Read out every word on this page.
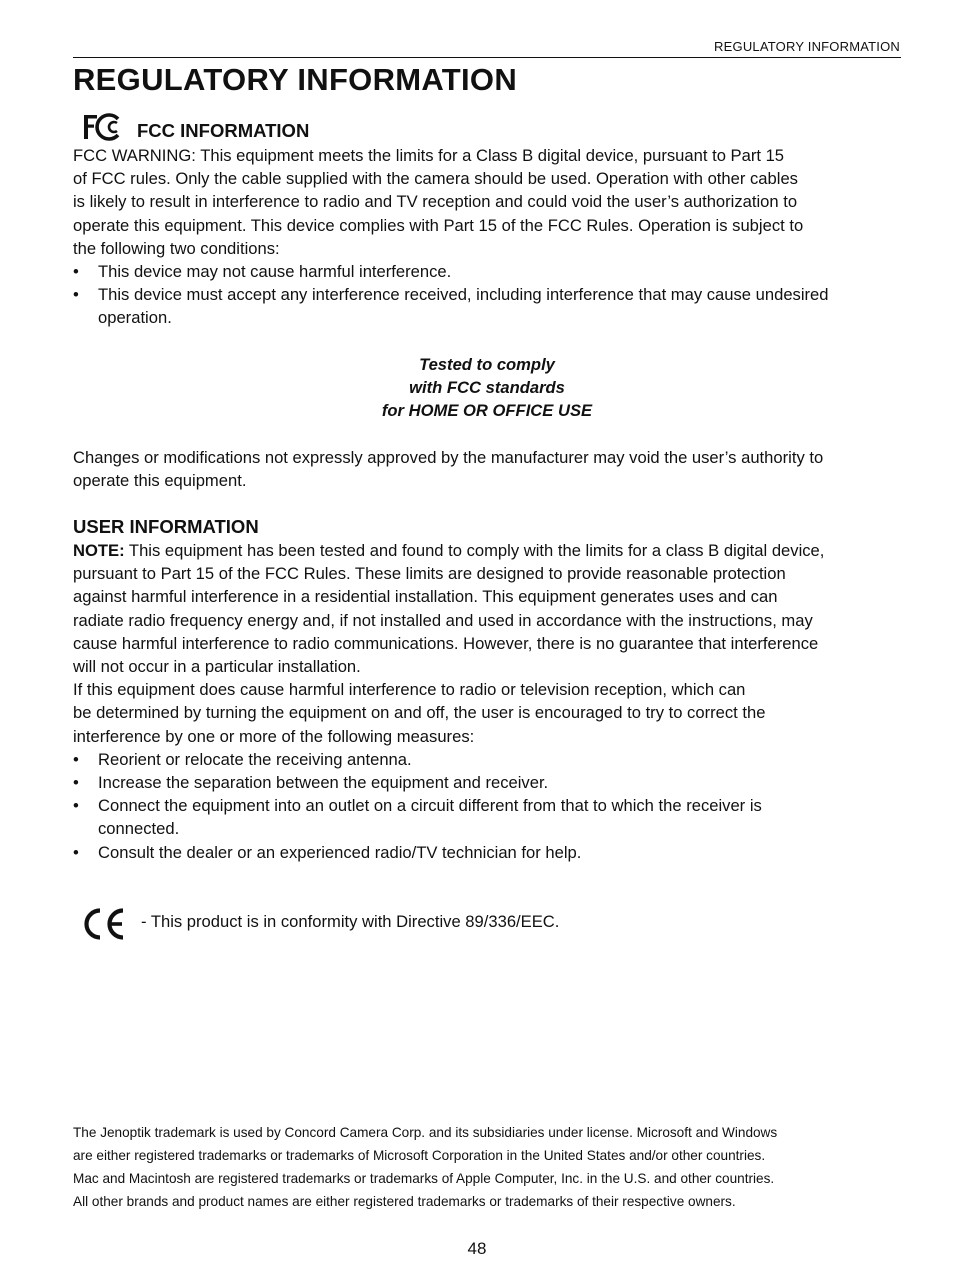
REGULATORY INFORMATION
REGULATORY INFORMATION
FCC INFORMATION

FCC WARNING: This equipment meets the limits for a Class B digital device, pursuant to Part 15

of FCC rules. Only the cable supplied with the camera should be used. Operation with other cables

is likely to result in interference to radio and TV reception and could void the user’s authorization to

operate this equipment. This device complies with Part 15 of the FCC Rules. Operation is subject to

the following two conditions:

• This device may not cause harmful interference.
• This device must accept any interference received, including interference that may cause undesired
operation.
Tested to comply
with FCC standards
for HOME OR OFFICE USE

Changes or modifications not expressly approved by the manufacturer may void the user’s authority to

operate this equipment.

USER INFORMATION

NOTE: This equipment has been tested and found to comply with the limits for a class B digital device,

pursuant to Part 15 of the FCC Rules. These limits are designed to provide reasonable protection

against harmful interference in a residential installation. This equipment generates uses and can

radiate radio frequency energy and, if not installed and used in accordance with the instructions, may

cause harmful interference to radio communications. However, there is no guarantee that interference

will not occur in a particular installation.

If this equipment does cause harmful interference to radio or television reception, which can

be determined by turning the equipment on and off, the user is encouraged to try to correct the

interference by one or more of the following measures:

• Reorient or relocate the receiving antenna.
• Increase the separation between the equipment and receiver.
• Connect the equipment into an outlet on a circuit different from that to which the receiver is
connected.
• Consult the dealer or an experienced radio/TV technician for help.
- This product is in conformity with Directive 89/336/EEC.

The Jenoptik trademark is used by Concord Camera Corp. and its subsidiaries under license. Microsoft and Windows

are either registered trademarks or trademarks of Microsoft Corporation in the United States and/or other countries.

Mac and Macintosh are registered trademarks or trademarks of Apple Computer, Inc. in the U.S. and other countries.

All other brands and product names are either registered trademarks or trademarks of their respective owners.

48
